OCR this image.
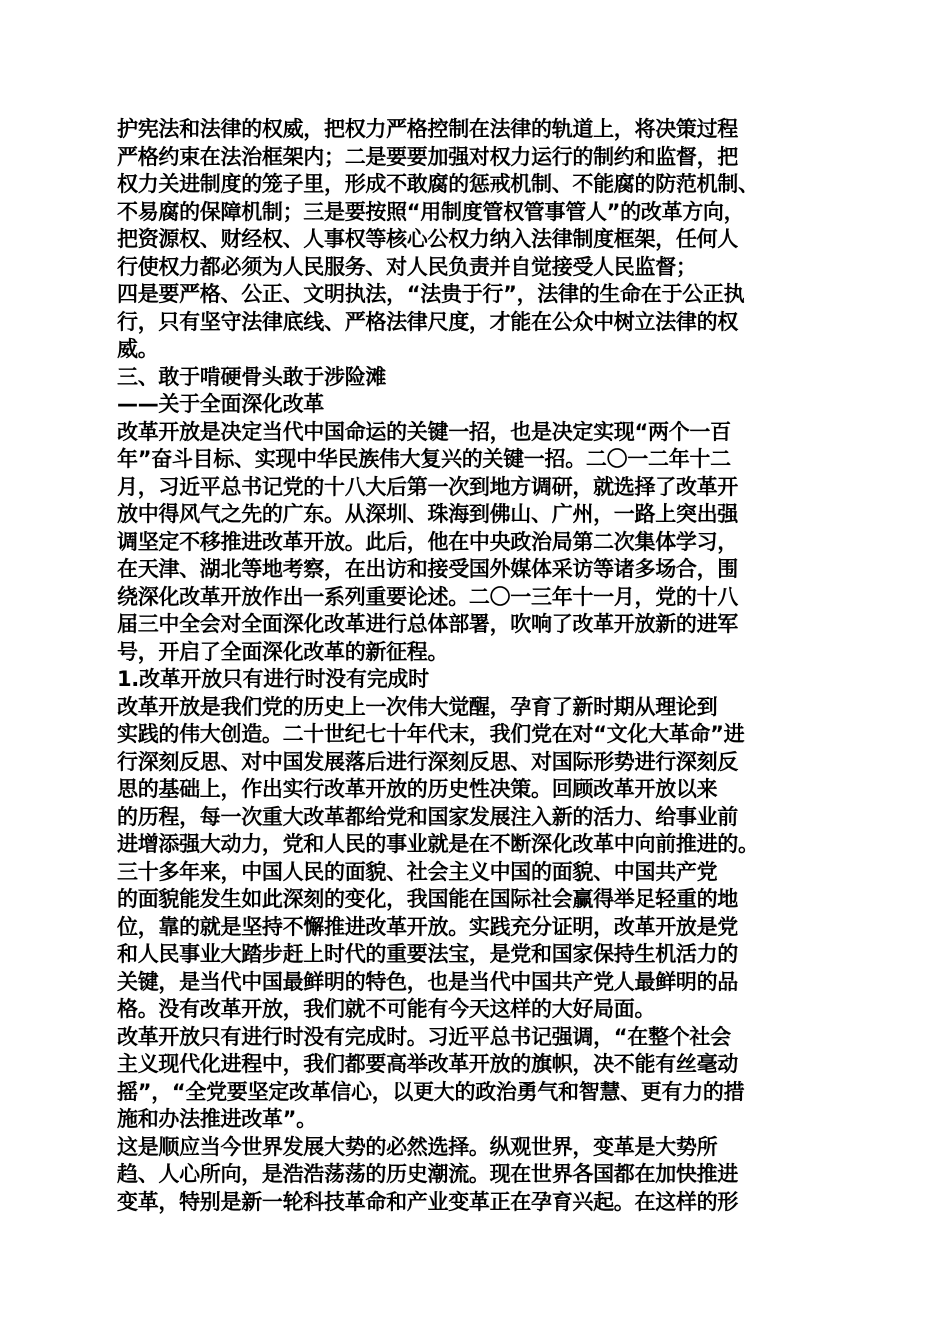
护宪法和法律的权威，把权力严格控制在法律的轨道上，将决策过程
严格约束在法治框架内；二是要要加强对权力运行的制约和监督，把
权力关进制度的笼子里，形成不敢腐的惩戒机制、不能腐的防范机制、
不易腐的保障机制；三是要按照“用制度管权管事管人”的改革方向，
把资源权、财经权、人事权等核心公权力纳入法律制度框架，任何人
行使权力都必须为人民服务、对人民负责并自觉接受人民监督；
四是要严格、公正、文明执法，“法贵于行”，法律的生命在于公正执
行，只有坚守法律底线、严格法律尺度，才能在公众中树立法律的权
威。
三、敢于啃硬骨头敢于涉险滩
——关于全面深化改革
改革开放是决定当代中国命运的关键一招，也是决定实现“两个一百
年”奋斗目标、实现中华民族伟大复兴的关键一招。二〇一二年十二
月，习近平总书记党的十八大后第一次到地方调研，就选择了改革开
放中得风气之先的广东。从深圳、珠海到佛山、广州，一路上突出强
调坚定不移推进改革开放。此后，他在中央政治局第二次集体学习，
在天津、湖北等地考察，在出访和接受国外媒体采访等诸多场合，围
绕深化改革开放作出一系列重要论述。二〇一三年十一月，党的十八
届三中全会对全面深化改革进行总体部署，吹响了改革开放新的进军
号，开启了全面深化改革的新征程。
1.改革开放只有进行时没有完成时
改革开放是我们党的历史上一次伟大觉醒，孕育了新时期从理论到
实践的伟大创造。二十世纪七十年代末，我们党在对“文化大革命”进
行深刻反思、对中国发展落后进行深刻反思、对国际形势进行深刻反
思的基础上，作出实行改革开放的历史性决策。回顾改革开放以来
的历程，每一次重大改革都给党和国家发展注入新的活力、给事业前
进增添强大动力，党和人民的事业就是在不断深化改革中向前推进的。
三十多年来，中国人民的面貌、社会主义中国的面貌、中国共产党
的面貌能发生如此深刻的变化，我国能在国际社会赢得举足轻重的地
位，靠的就是坚持不懈推进改革开放。实践充分证明，改革开放是党
和人民事业大踏步赶上时代的重要法宝，是党和国家保持生机活力的
关键，是当代中国最鲜明的特色，也是当代中国共产党人最鲜明的品
格。没有改革开放，我们就不可能有今天这样的大好局面。
改革开放只有进行时没有完成时。习近平总书记强调，“在整个社会
主义现代化进程中，我们都要高举改革开放的旗帜，决不能有丝毫动
摇”，“全党要坚定改革信心，以更大的政治勇气和智慧、更有力的措
施和办法推进改革”。
这是顺应当今世界发展大势的必然选择。纵观世界，变革是大势所
趋、人心所向，是浩浩荡荡的历史潮流。现在世界各国都在加快推进
变革，特别是新一轮科技革命和产业变革正在孕育兴起。在这样的形
